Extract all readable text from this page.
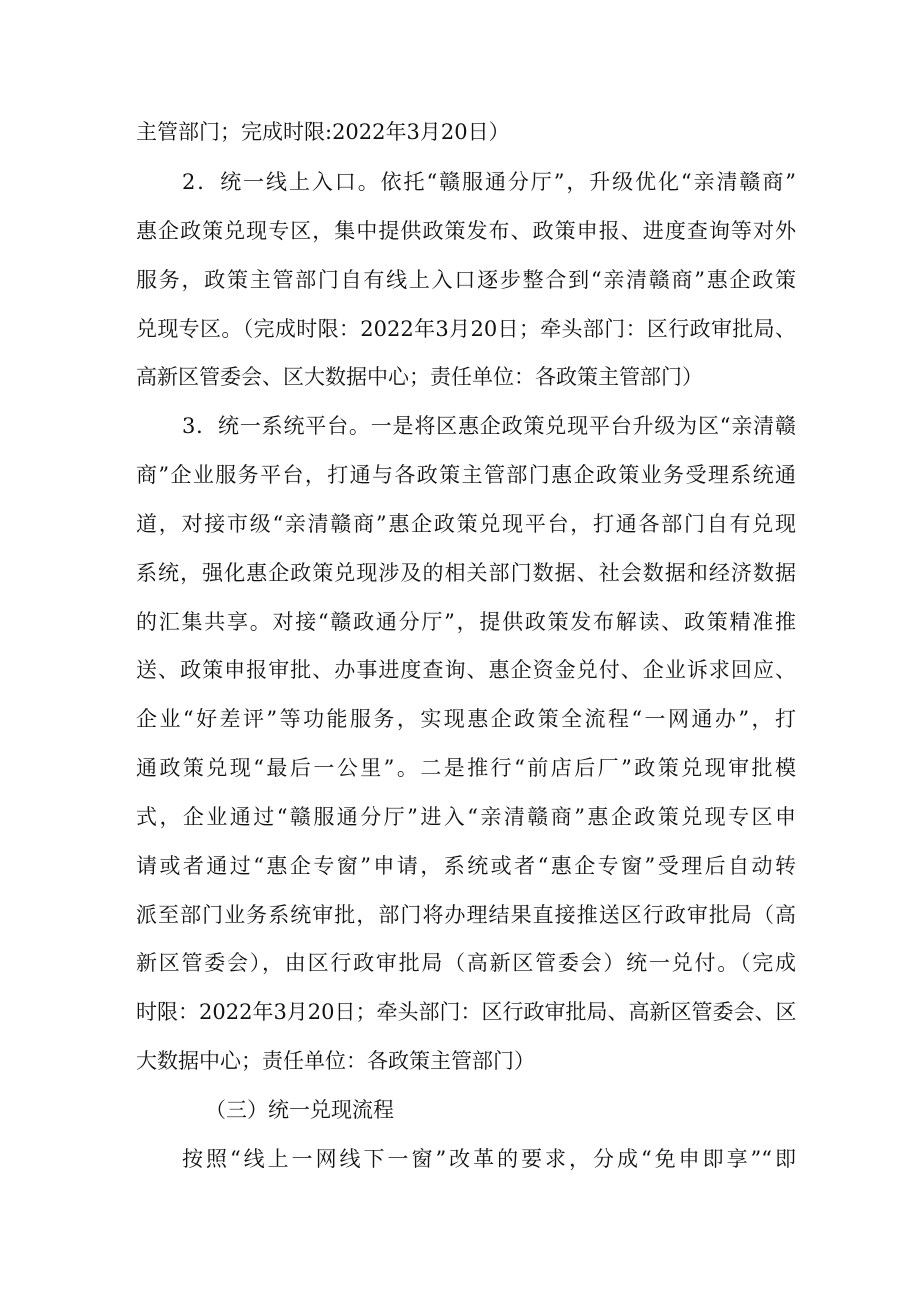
主管部门；完成时限:2022年3月20日）
2．统一线上入口。依托“赣服通分厅”，升级优化“亲清赣商”
惠企政策兑现专区，集中提供政策发布、政策申报、进度查询等对外
服务，政策主管部门自有线上入口逐步整合到“亲清赣商”惠企政策
兑现专区。（完成时限：2022年3月20日；牵头部门：区行政审批局、
高新区管委会、区大数据中心；责任单位：各政策主管部门）
3．统一系统平台。一是将区惠企政策兑现平台升级为区“亲清赣
商”企业服务平台，打通与各政策主管部门惠企政策业务受理系统通
道，对接市级“亲清赣商”惠企政策兑现平台，打通各部门自有兑现
系统，强化惠企政策兑现涉及的相关部门数据、社会数据和经济数据
的汇集共享。对接“赣政通分厅”，提供政策发布解读、政策精准推
送、政策申报审批、办事进度查询、惠企资金兑付、企业诉求回应、
企业“好差评”等功能服务，实现惠企政策全流程“一网通办”，打
通政策兑现“最后一公里”。二是推行“前店后厂”政策兑现审批模
式，企业通过“赣服通分厅”进入“亲清赣商”惠企政策兑现专区申
请或者通过“惠企专窗”申请，系统或者“惠企专窗”受理后自动转
派至部门业务系统审批，部门将办理结果直接推送区行政审批局（高
新区管委会），由区行政审批局（高新区管委会）统一兑付。（完成
时限：2022年3月20日；牵头部门：区行政审批局、高新区管委会、区
大数据中心；责任单位：各政策主管部门）
（三）统一兑现流程
按照“线上一网线下一窗”改革的要求，分成“免申即享”“即
